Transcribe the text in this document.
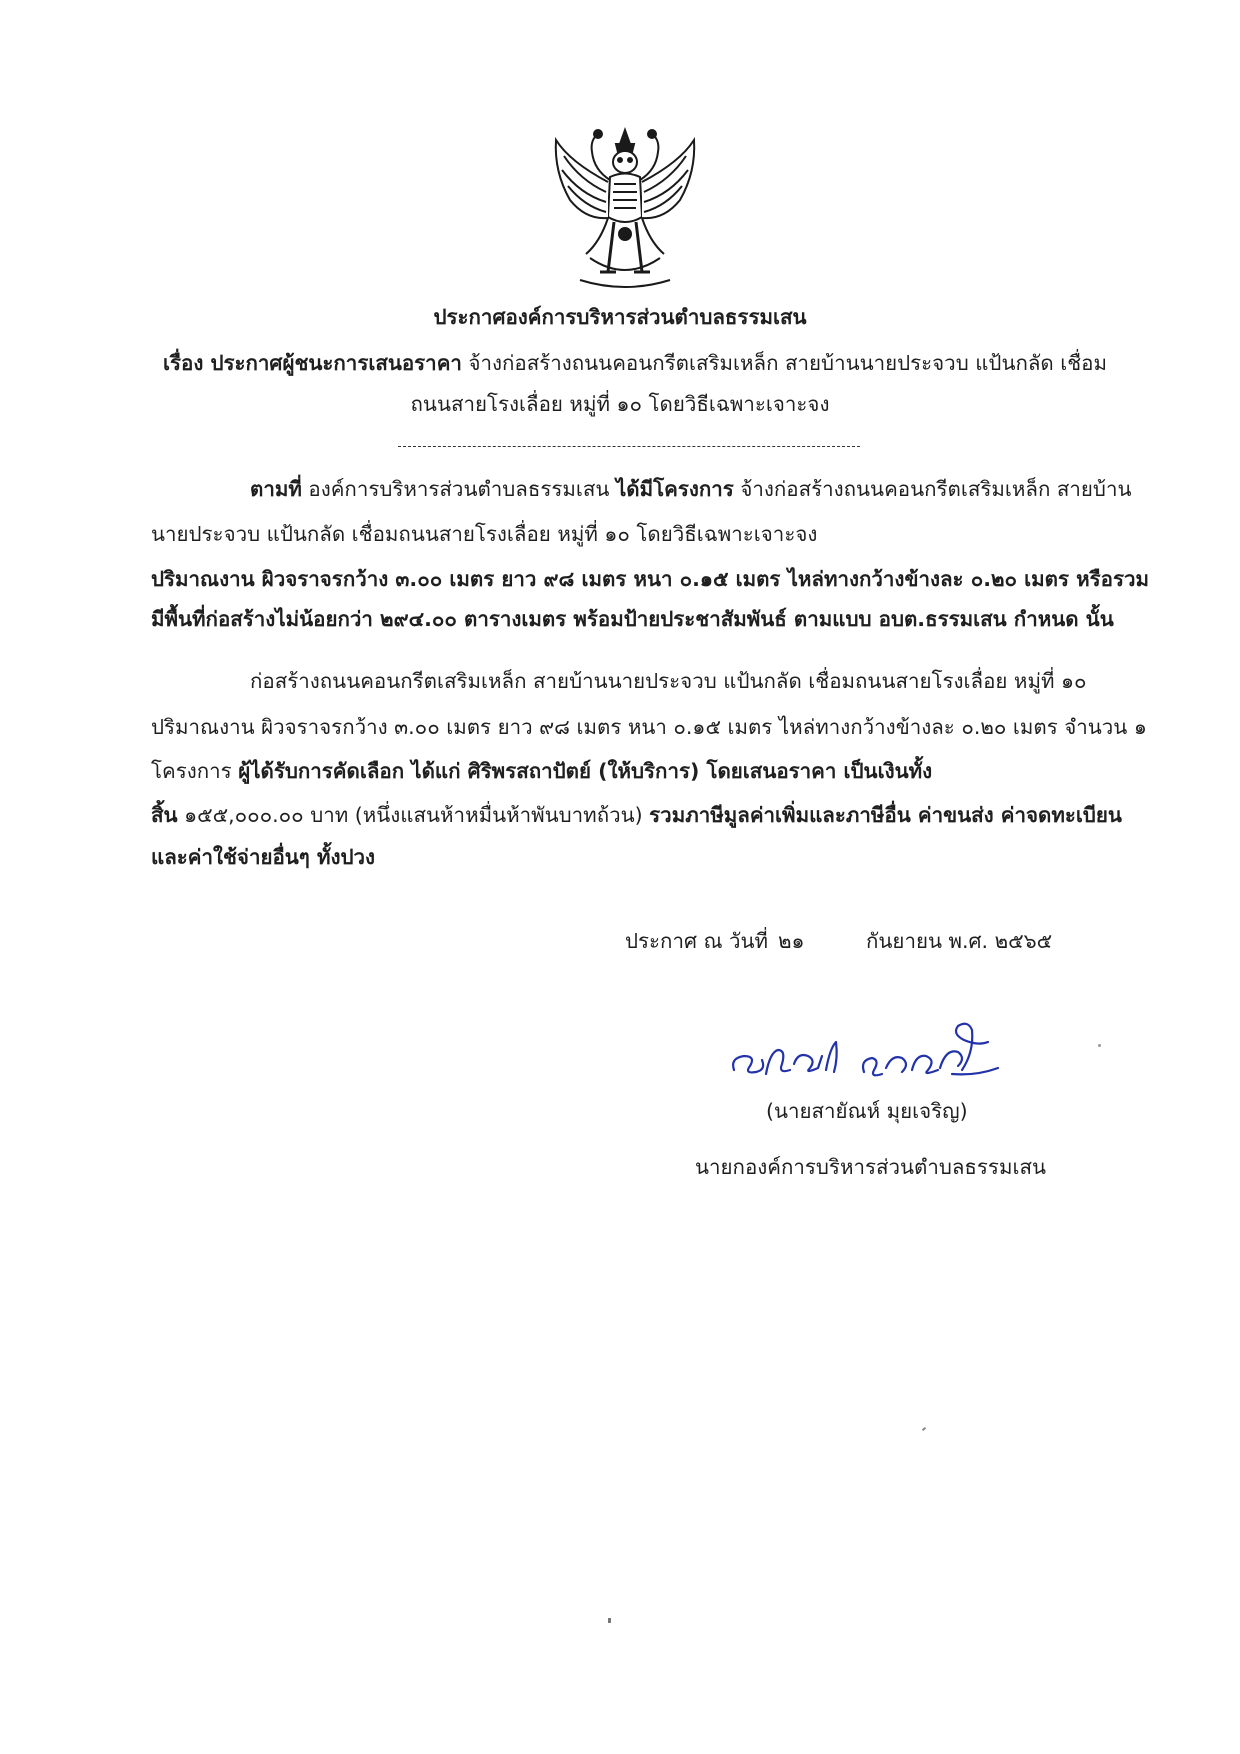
ประกาศองค์การบริหารส่วนตำบลธรรมเสน
เรื่อง ประกาศผู้ชนะการเสนอราคา จ้างก่อสร้างถนนคอนกรีตเสริมเหล็ก สายบ้านนายประจวบ แป้นกลัด เชื่อม
ถนนสายโรงเลื่อย หมู่ที่ ๑๐ โดยวิธีเฉพาะเจาะจง
ตามที่ องค์การบริหารส่วนตำบลธรรมเสน ได้มีโครงการ จ้างก่อสร้างถนนคอนกรีตเสริมเหล็ก สายบ้าน
นายประจวบ แป้นกลัด เชื่อมถนนสายโรงเลื่อย หมู่ที่ ๑๐ โดยวิธีเฉพาะเจาะจง
ปริมาณงาน ผิวจราจรกว้าง ๓.๐๐ เมตร ยาว ๙๘ เมตร หนา ๐.๑๕ เมตร ไหล่ทางกว้างข้างละ ๐.๒๐ เมตร หรือรวม
มีพื้นที่ก่อสร้างไม่น้อยกว่า ๒๙๔.๐๐ ตารางเมตร พร้อมป้ายประชาสัมพันธ์ ตามแบบ อบต.ธรรมเสน กำหนด นั้น
ก่อสร้างถนนคอนกรีตเสริมเหล็ก สายบ้านนายประจวบ แป้นกลัด เชื่อมถนนสายโรงเลื่อย หมู่ที่ ๑๐
ปริมาณงาน ผิวจราจรกว้าง ๓.๐๐ เมตร ยาว ๙๘ เมตร หนา ๐.๑๕ เมตร ไหล่ทางกว้างข้างละ ๐.๒๐ เมตร จำนวน ๑
โครงการ ผู้ได้รับการคัดเลือก ได้แก่ ศิริพรสถาปัตย์ (ให้บริการ) โดยเสนอราคา เป็นเงินทั้ง
สิ้น ๑๕๕,๐๐๐.๐๐ บาท (หนึ่งแสนห้าหมื่นห้าพันบาทถ้วน) รวมภาษีมูลค่าเพิ่มและภาษีอื่น ค่าขนส่ง ค่าจดทะเบียน
และค่าใช้จ่ายอื่นๆ ทั้งปวง
ประกาศ ณ วันที่ ๒๑	กันยายน พ.ศ. ๒๕๖๕
(นายสายัณห์ มุยเจริญ)
นายกองค์การบริหารส่วนตำบลธรรมเสน
